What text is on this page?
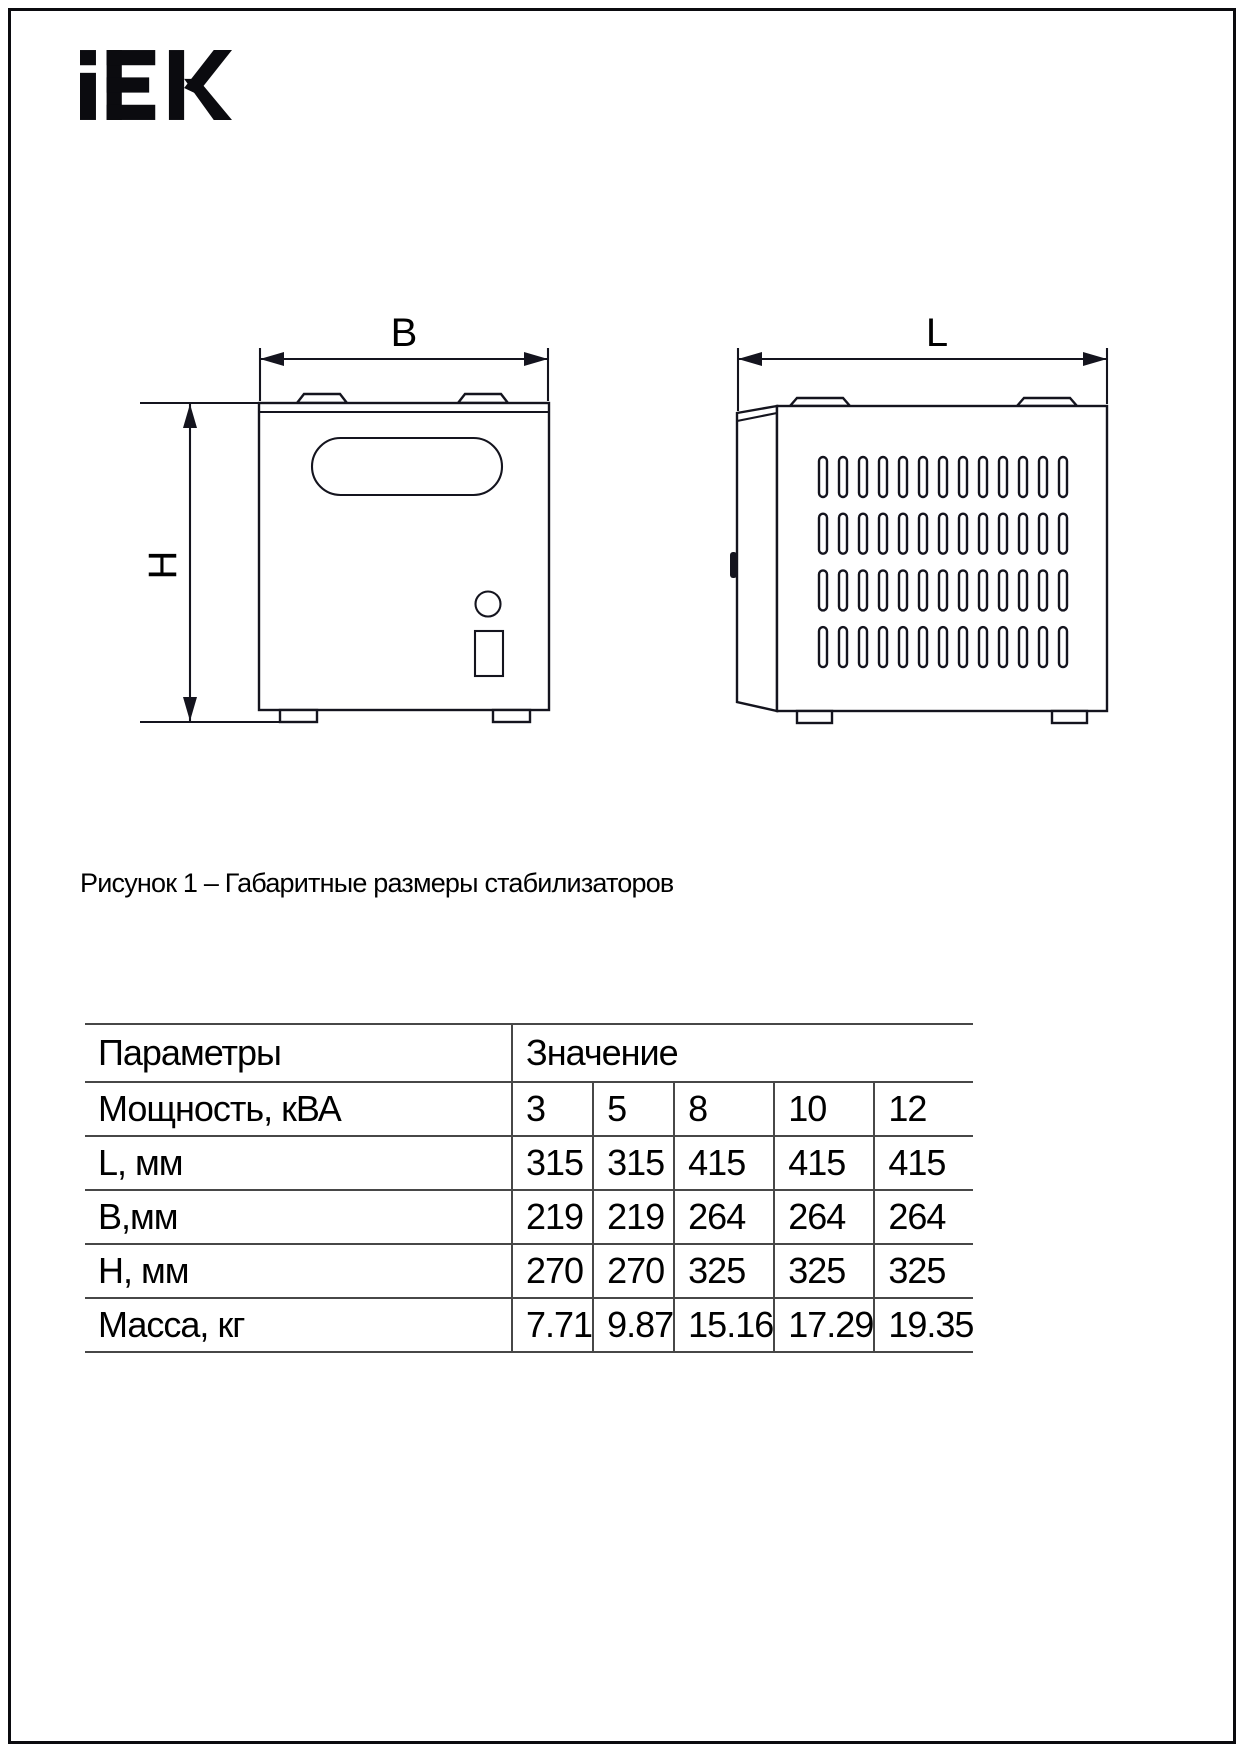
B
H
L
Рисунок 1 – Габаритные размеры стабилизаторов
Параметры	Значение				
Мощность, кВА	3	5	8	10	12
L, мм	315	315	415	415	415
В,мм	219	219	264	264	264
Н, мм	270	270	325	325	325
Масса, кг	7.71	9.87	15.16	17.29	19.35
